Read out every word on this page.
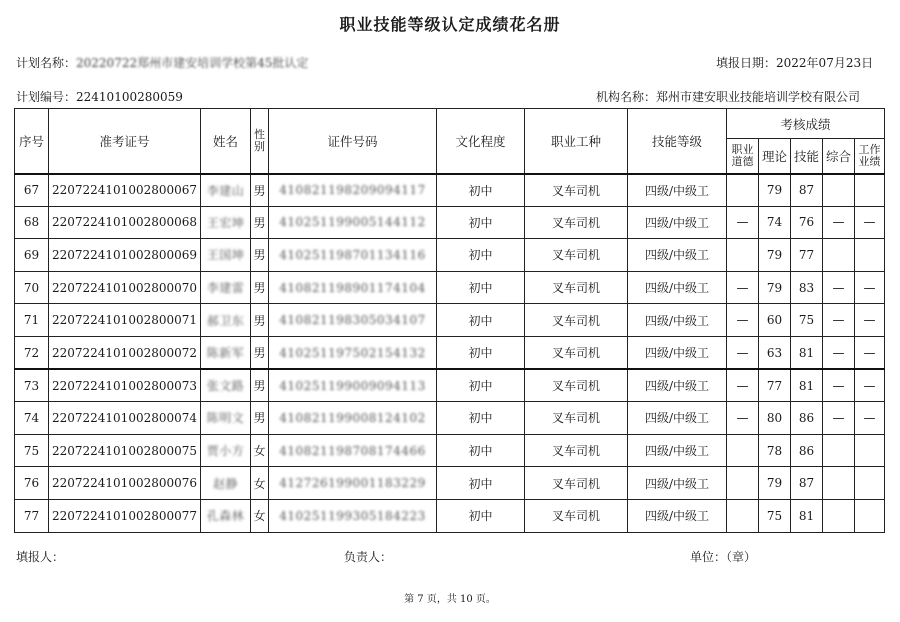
职业技能等级认定成绩花名册
计划名称：20220722郑州市建安培训学校第45批认定	填报日期：2022年07月23日
计划编号：22410100280059	机构名称：郑州市建安职业技能培训学校有限公司
序号	准考证号	姓名	性别	证件号码	文化程度	职业工种	技能等级	考核成绩				
								职业道德	理论	技能	综合	工作业绩
67	2207224101002800067	李建山	男	410821198209094117	初中	叉车司机	四级/中级工		79	87		
68	2207224101002800068	王宏坤	男	410251199005144112	初中	叉车司机	四级/中级工	—	74	76	—	—
69	2207224101002800069	王国坤	男	410251198701134116	初中	叉车司机	四级/中级工		79	77		
70	2207224101002800070	李建雷	男	410821198901174104	初中	叉车司机	四级/中级工	—	79	83	—	—
71	2207224101002800071	郝卫东	男	410821198305034107	初中	叉车司机	四级/中级工	—	60	75	—	—
72	2207224101002800072	陈新军	男	410251197502154132	初中	叉车司机	四级/中级工	—	63	81	—	—
73	2207224101002800073	张文路	男	410251199009094113	初中	叉车司机	四级/中级工	—	77	81	—	—
74	2207224101002800074	陈明文	男	410821199008124102	初中	叉车司机	四级/中级工	—	80	86	—	—
75	2207224101002800075	贾小方	女	410821198708174466	初中	叉车司机	四级/中级工		78	86		
76	2207224101002800076	赵静	女	412726199001183229	初中	叉车司机	四级/中级工		79	87		
77	2207224101002800077	孔森林	女	410251199305184223	初中	叉车司机	四级/中级工		75	81		
填报人：	负责人：	单位：（章）
第 7 页，共 10 页。
